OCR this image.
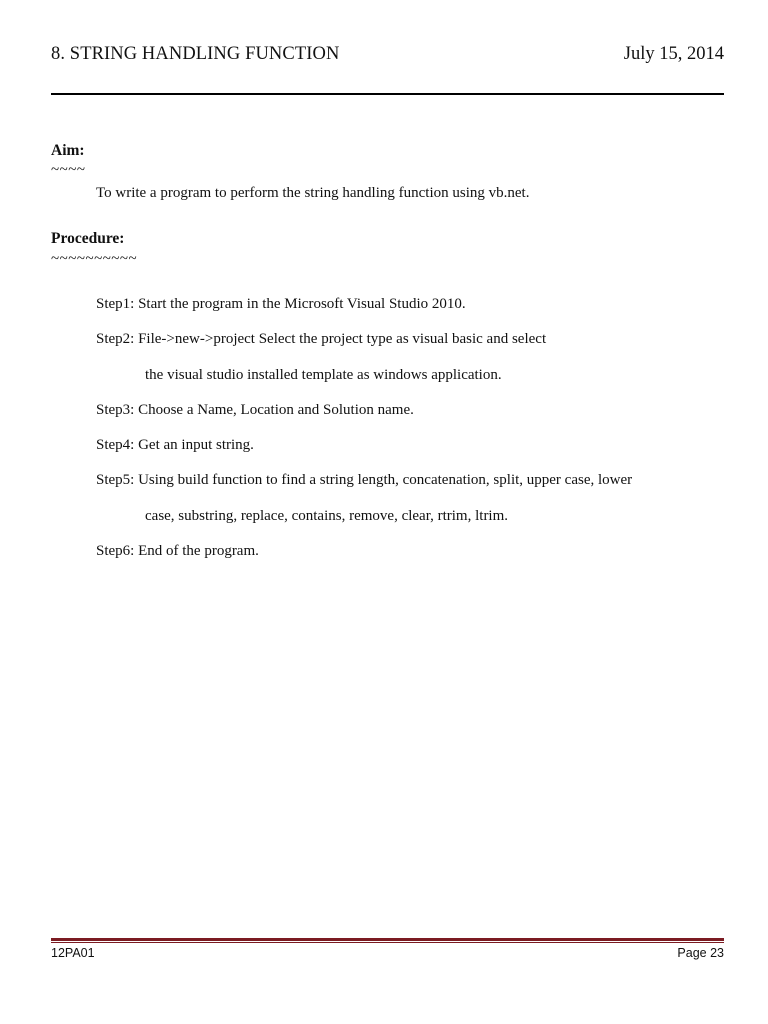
8. STRING HANDLING FUNCTION	July 15, 2014
Aim:
~~~~
To write a program to perform the string handling function using vb.net.
Procedure:
~~~~~~~~~~
Step1: Start the program in the Microsoft Visual Studio 2010.
Step2: File->new->project Select the project type as visual basic and select
the visual studio installed template as windows application.
Step3: Choose a Name, Location and Solution name.
Step4: Get an input string.
Step5: Using build function to find a string length, concatenation, split, upper case, lower
case, substring, replace, contains, remove, clear, rtrim, ltrim.
Step6: End of the program.
12PA01	Page 23
